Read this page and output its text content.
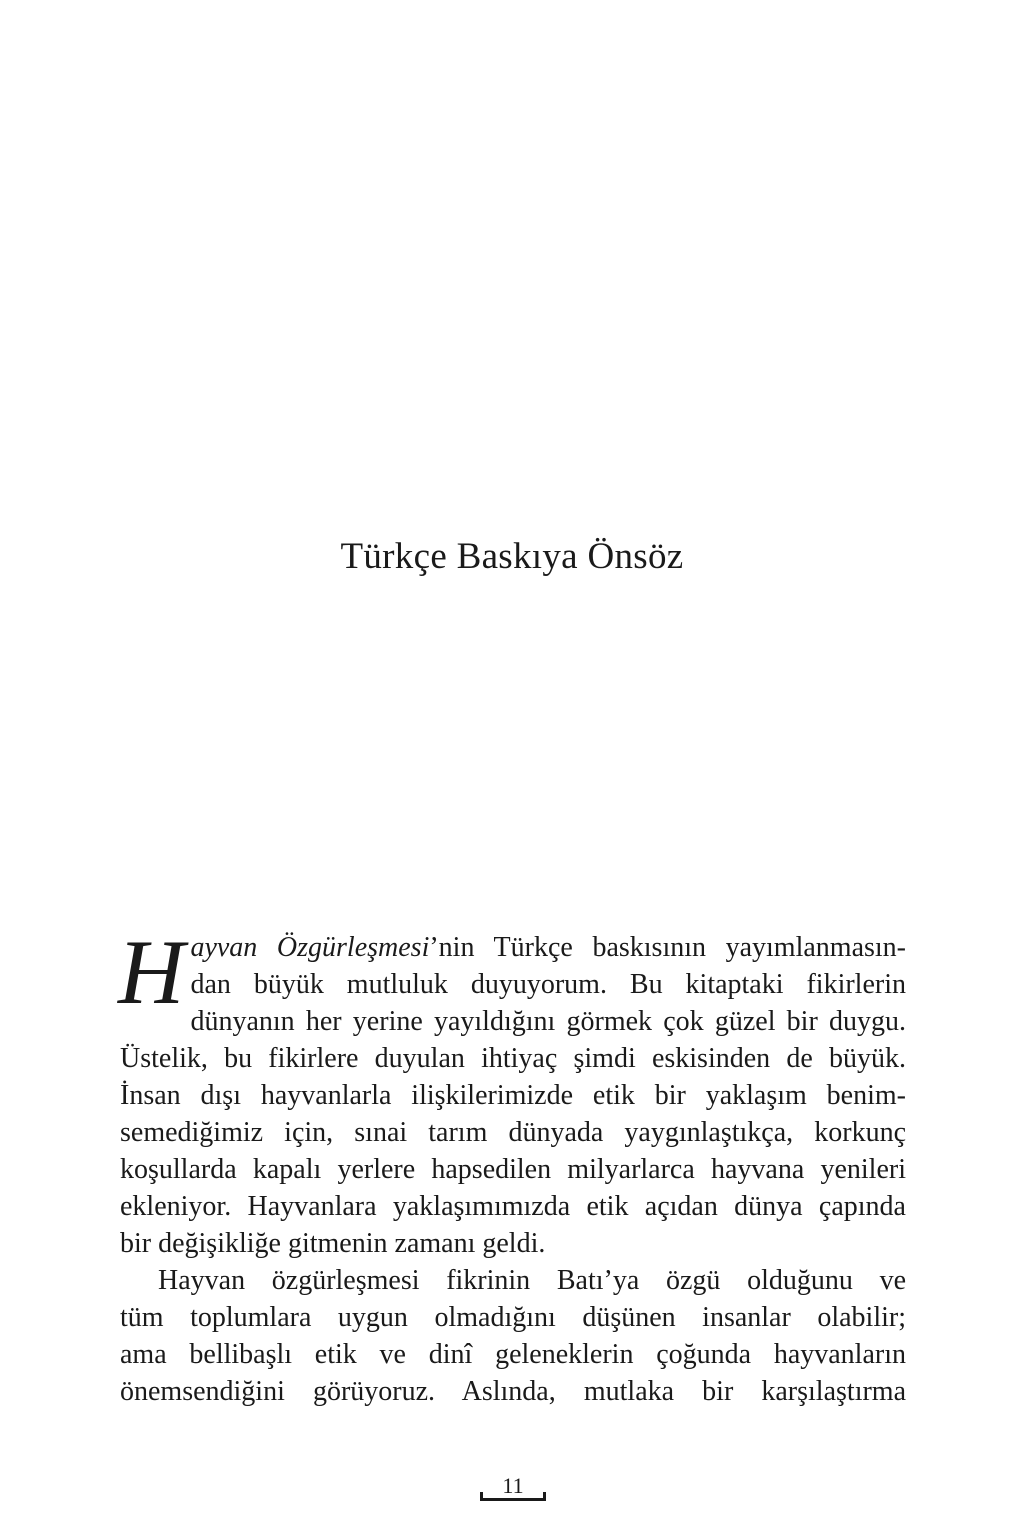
Türkçe Baskıya Önsöz

H ayvan Özgürleşmesi’nin Türkçe baskısının yayımlanmasın-
dan büyük mutluluk duyuyorum. Bu kitaptaki fikirlerin
dünyanın her yerine yayıldığını görmek çok güzel bir duygu.
Üstelik, bu fikirlere duyulan ihtiyaç şimdi eskisinden de büyük.
İnsan dışı hayvanlarla ilişkilerimizde etik bir yaklaşım benim-
semediğimiz için, sınai tarım dünyada yaygınlaştıkça, korkunç
koşullarda kapalı yerlere hapsedilen milyarlarca hayvana yenileri
ekleniyor. Hayvanlara yaklaşımımızda etik açıdan dünya çapında
bir değişikliğe gitmenin zamanı geldi.

Hayvan özgürleşmesi fikrinin Batı’ya özgü olduğunu ve
tüm toplumlara uygun olmadığını düşünen insanlar olabilir;
ama bellibaşlı etik ve dinî geleneklerin çoğunda hayvanların
önemsendiğini görüyoruz. Aslında, mutlaka bir karşılaştırma

11
